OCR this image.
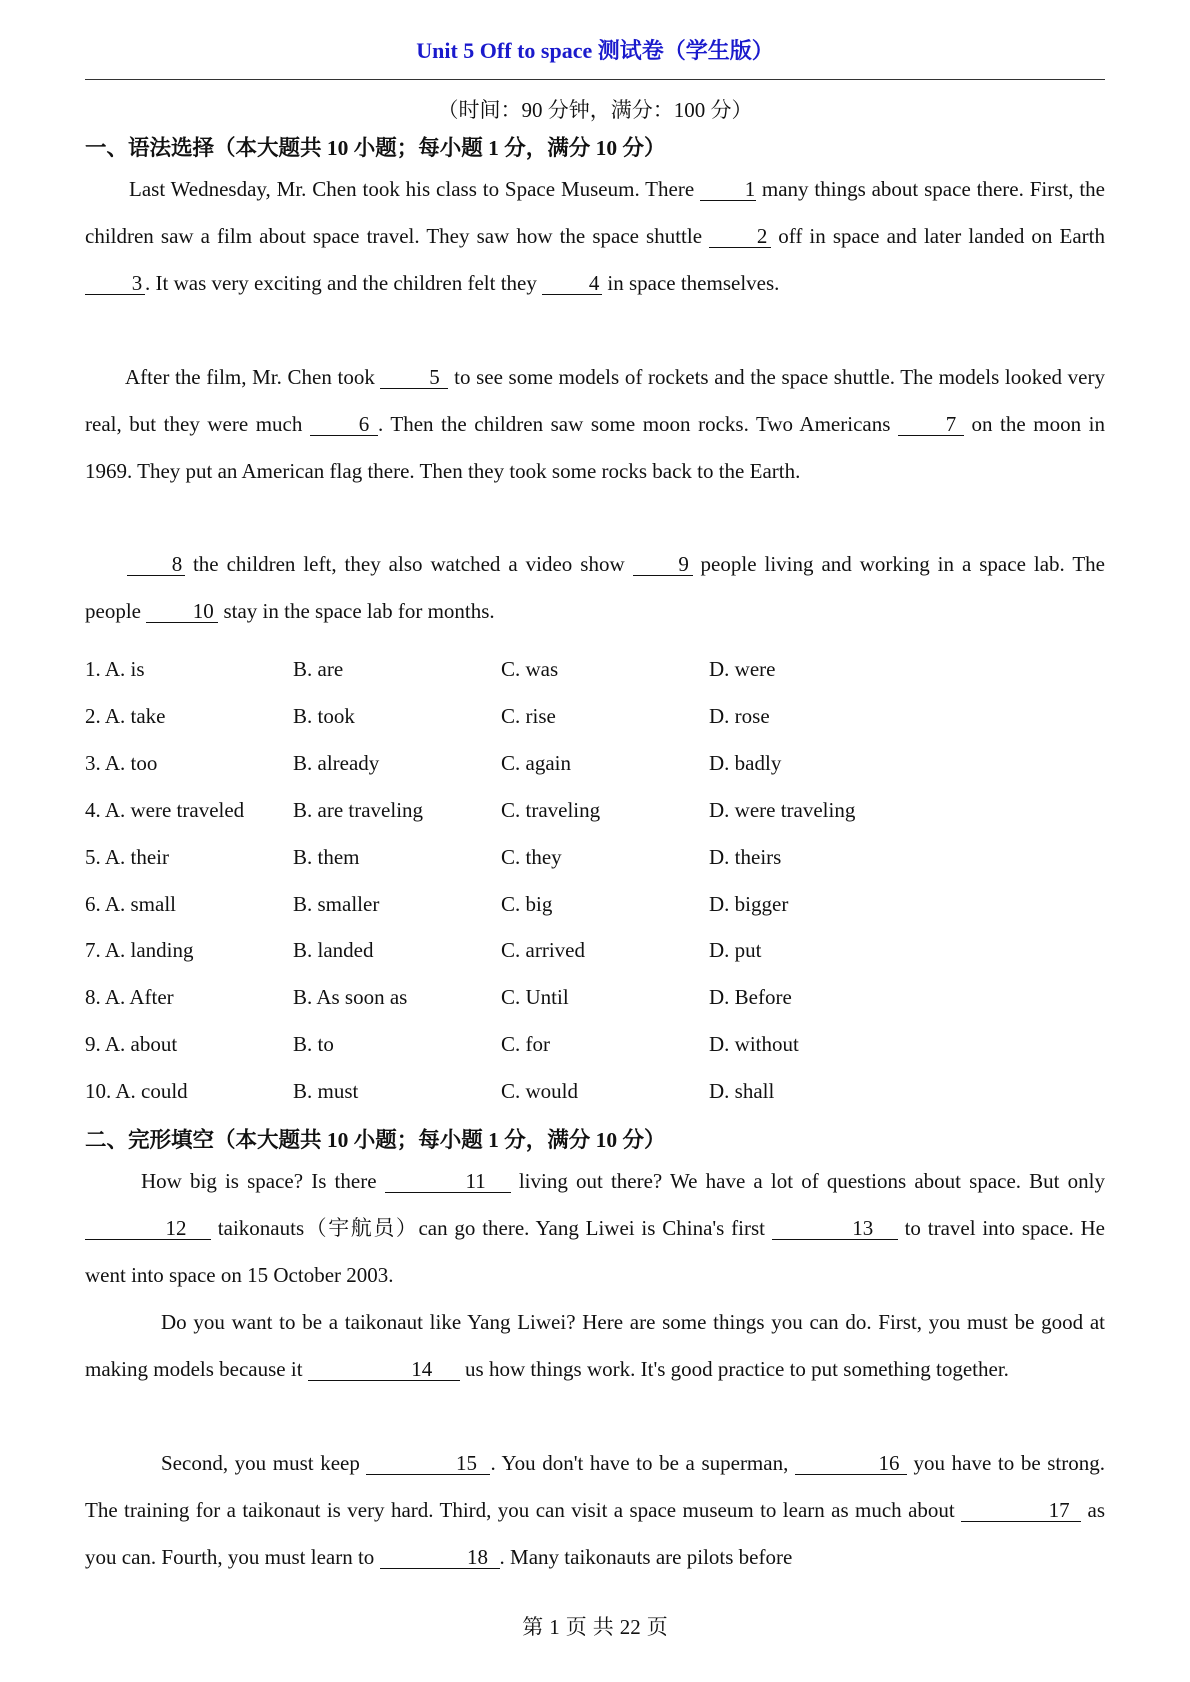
Unit 5 Off to space 测试卷（学生版）
（时间：90 分钟，满分：100 分）
一、语法选择（本大题共 10 小题；每小题 1 分，满分 10 分）

Last Wednesday, Mr. Chen took his class to Space Museum. There 1 many things about space there. First, the children saw a film about space travel. They saw how the space shuttle 2 off in space and later landed on Earth 3 . It was very exciting and the children felt they 4 in space themselves.

After the film, Mr. Chen took 5 to see some models of rockets and the space shuttle. The models looked very real, but they were much 6 . Then the children saw some moon rocks. Two Americans 7 on the moon in 1969. They put an American flag there. Then they took some rocks back to the Earth.

8 the children left, they also watched a video show 9 people living and working in a space lab. The people 10 stay in the space lab for months.

1. A. is	B. are	C. was	D. were
2. A. take	B. took	C. rise	D. rose
3. A. too	B. already	C. again	D. badly
4. A. were traveled B. are traveling	C. traveling	D. were traveling
5. A. their	B. them	C. they	D. theirs
6. A. small	B. smaller	C. big	D. bigger
7. A. landing	B. landed	C. arrived	D. put
8. A. After	B. As soon as	C. Until	D. Before
9. A. about	B. to	C. for	D. without
10. A. could	B. must	C. would	D. shall
二、完形填空（本大题共 10 小题；每小题 1 分，满分 10 分）

How big is space? Is there	11 living out there? We have a lot of questions about space. But only 12 taikonauts（宇航员）can go there. Yang Liwei is China's first	13 to travel into space. He went into space on 15 October 2003.

Do you want to be a taikonaut like Yang Liwei? Here are some things you can do. First, you must be good at making models because it	14 us how things work. It's good practice to put something together.

Second, you must keep	15 . You don't have to be a superman,	16 you have to be strong. The training for a taikonaut is very hard. Third, you can visit a space museum to learn as much about	17 as you can. Fourth, you must learn to	18 . Many taikonauts are pilots before

第 1 页 共 22 页
